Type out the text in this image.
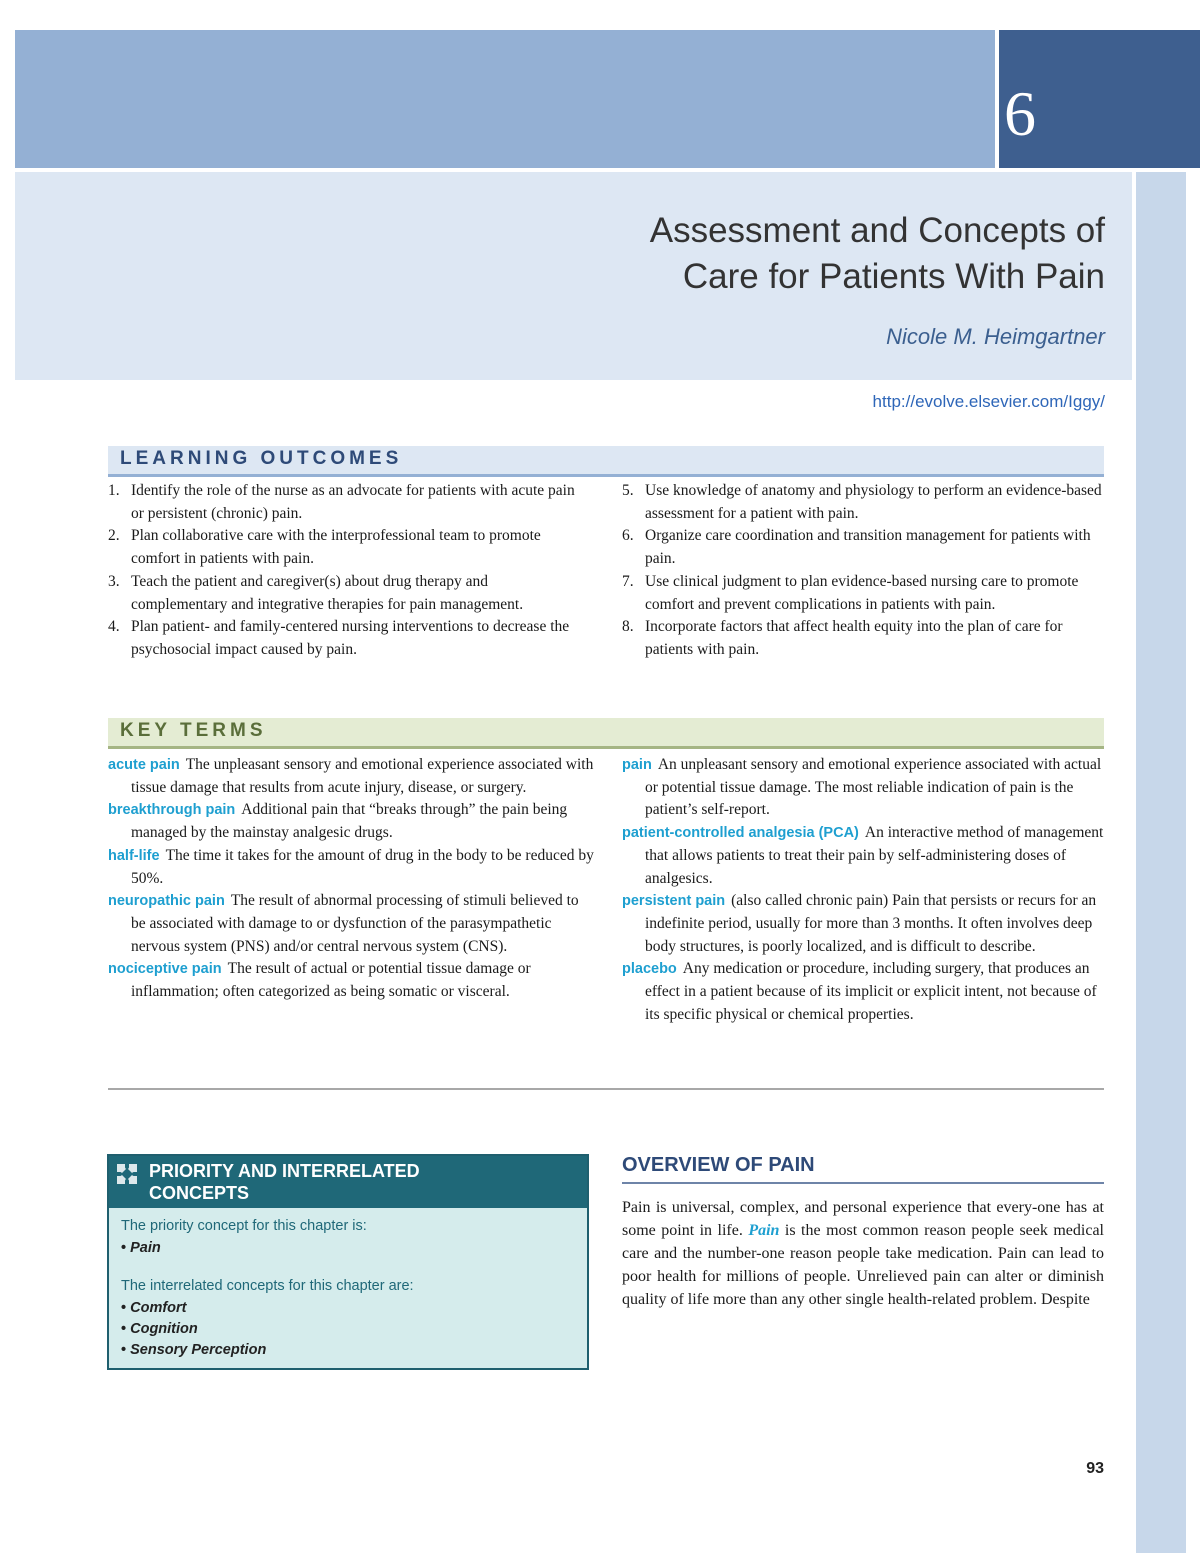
6
Assessment and Concepts of
Care for Patients With Pain
Nicole M. Heimgartner
http://evolve.elsevier.com/Iggy/
LEARNING OUTCOMES
1. Identify the role of the nurse as an advocate for patients with acute pain or persistent (chronic) pain.
2. Plan collaborative care with the interprofessional team to promote comfort in patients with pain.
3. Teach the patient and caregiver(s) about drug therapy and complementary and integrative therapies for pain management.
4. Plan patient- and family-centered nursing interventions to decrease the psychosocial impact caused by pain.
5. Use knowledge of anatomy and physiology to perform an evidence-based assessment for a patient with pain.
6. Organize care coordination and transition management for patients with pain.
7. Use clinical judgment to plan evidence-based nursing care to promote comfort and prevent complications in patients with pain.
8. Incorporate factors that affect health equity into the plan of care for patients with pain.
KEY TERMS
acute pain The unpleasant sensory and emotional experience associated with tissue damage that results from acute injury, disease, or surgery.
breakthrough pain Additional pain that “breaks through” the pain being managed by the mainstay analgesic drugs.
half-life The time it takes for the amount of drug in the body to be reduced by 50%.
neuropathic pain The result of abnormal processing of stimuli believed to be associated with damage to or dysfunction of the parasympathetic nervous system (PNS) and/or central nervous system (CNS).
nociceptive pain The result of actual or potential tissue damage or inflammation; often categorized as being somatic or visceral.
pain An unpleasant sensory and emotional experience associated with actual or potential tissue damage. The most reliable indication of pain is the patient’s self-report.
patient-controlled analgesia (PCA) An interactive method of management that allows patients to treat their pain by self-administering doses of analgesics.
persistent pain (also called chronic pain) Pain that persists or recurs for an indefinite period, usually for more than 3 months. It often involves deep body structures, is poorly localized, and is difficult to describe.
placebo Any medication or procedure, including surgery, that produces an effect in a patient because of its implicit or explicit intent, not because of its specific physical or chemical properties.
PRIORITY AND INTERRELATED
CONCEPTS
The priority concept for this chapter is:
• Pain
The interrelated concepts for this chapter are:
• Comfort
• Cognition
• Sensory Perception
OVERVIEW OF PAIN
Pain is universal, complex, and personal experience that every-one has at some point in life. Pain is the most common reason people seek medical care and the number-one reason people take medication. Pain can lead to poor health for millions of people. Unrelieved pain can alter or diminish quality of life more than any other single health-related problem. Despite
93
